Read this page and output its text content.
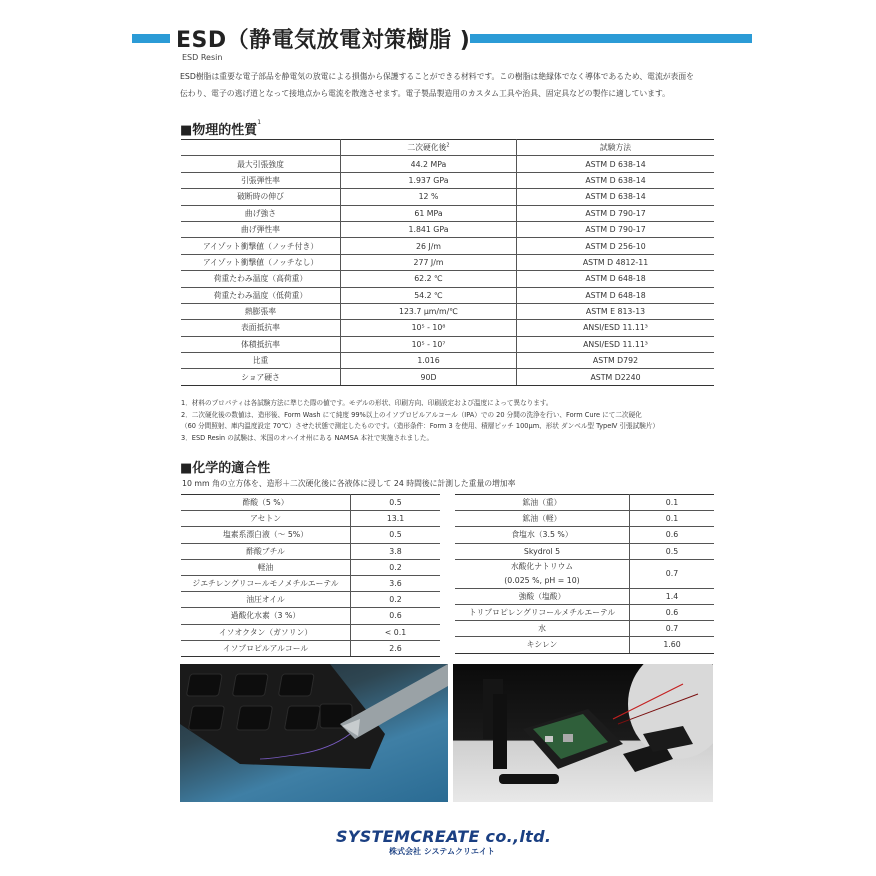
ESD（静電気放電対策樹脂 )
ESD Resin
ESD樹脂は重要な電子部品を静電気の放電による損傷から保護することができる材料です。この樹脂は絶縁体でなく導体であるため、電流が表面を伝わり、電子の逃げ道となって接地点から電流を散逸させます。電子製品製造用のカスタム工具や治具、固定具などの製作に適しています。
■物理的性質$^1$
	二次硬化後$^2$	試験方法
最大引張強度	44.2 MPa	ASTM D 638-14
引張弾性率	1.937 GPa	ASTM D 638-14
破断時の伸び	12 %	ASTM D 638-14
曲げ強さ	61 MPa	ASTM D 790-17
曲げ弾性率	1.841 GPa	ASTM D 790-17
アイゾット衝撃値（ノッチ付き）	26 J/m	ASTM D 256-10
アイゾット衝撃値（ノッチなし）	277 J/m	ASTM D 4812-11
荷重たわみ温度（高荷重）	62.2 ℃	ASTM D 648-18
荷重たわみ温度（低荷重）	54.2 ℃	ASTM D 648-18
熱膨張率	123.7 µm/m/℃	ASTM E 813-13
表面抵抗率	10⁵ - 10⁸	ANSI/ESD 11.11³
体積抵抗率	10⁵ - 10⁷	ANSI/ESD 11.11³
比重	1.016	ASTM D792
ショア硬さ	90D	ASTM D2240
1．材料のプロパティは各試験方法に準じた際の値です。モデルの形状、印刷方向、印刷設定および温度によって異なります。
2．二次硬化後の数値は、造形後、Form Wash にて純度 99%以上のイソプロピルアルコール（IPA）での 20 分間の洗浄を行い、Form Cure にて二次硬化
（60 分間照射、庫内温度設定 70℃）させた状態で測定したものです。（造形条件：Form 3 を使用、積層ピッチ 100µm、形状 ダンベル型 TypeⅣ 引張試験片）
3．ESD Resin の試験は、米国のオハイオ州にある NAMSA 本社で実施されました。
■化学的適合性
10 mm 角の立方体を、造形＋二次硬化後に各液体に浸して 24 時間後に計測した重量の増加率
酢酸（5 %）	0.5
アセトン	13.1
塩素系漂白液（～ 5%）	0.5
酢酸ブチル	3.8
軽油	0.2
ジエチレングリコールモノメチルエーテル	3.6
油圧オイル	0.2
過酸化水素（3 %）	0.6
イソオクタン（ガソリン）	< 0.1
イソプロピルアルコール	2.6
鉱油（重）	0.1
鉱油（軽）	0.1
食塩水（3.5 %）	0.6
Skydrol 5	0.5

水酸化ナトリウム
(0.025 %, pH = 10)	0.7
強酸（塩酸）	1.4
トリプロピレングリコールメチルエーテル	0.6
水	0.7
キシレン	1.60
SYSTEMCREATE co.,ltd.
株式会社 システムクリエイト
